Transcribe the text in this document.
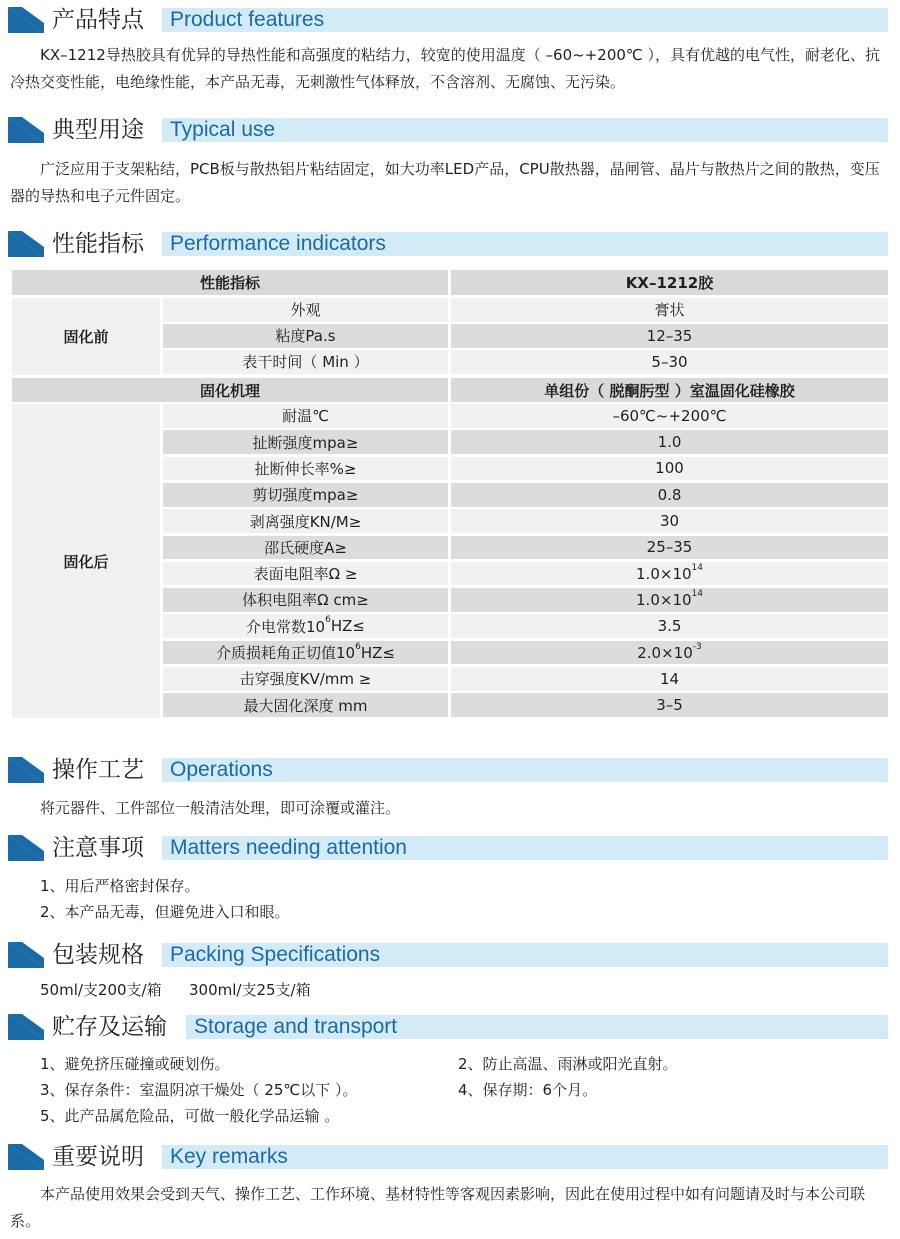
产品特点 Product features
KX–1212导热胶具有优异的导热性能和高强度的粘结力，较宽的使用温度（ –60~+200℃ ），具有优越的电气性，耐老化、抗冷热交变性能，电绝缘性能，本产品无毒，无刺激性气体释放，不含溶剂、无腐蚀、无污染。
典型用途 Typical use
广泛应用于支架粘结，PCB板与散热铝片粘结固定，如大功率LED产品，CPU散热器，晶闸管、晶片与散热片之间的散热，变压器的导热和电子元件固定。
性能指标 Performance indicators
性能指标	KX–1212胶
固化前
外观	膏状
粘度Pa.s	12–35
表干时间（ Min ）	5–30
固化机理	单组份（ 脱酮肟型 ）室温固化硅橡胶
固化后
耐温℃	–60℃~+200℃
扯断强度mpa≥	1.0
扯断伸长率%≥	100
剪切强度mpa≥	0.8
剥离强度KN/M≥	30
邵氏硬度A≥	25–35
表面电阻率Ω ≥	$1.0\times 10^{14}$
体积电阻率Ω cm≥	$1.0\times 10^{14}$
介电常数$10^6$ HZ≤	3.5
介质损耗角正切值$10^6$ HZ≤	$2.0\times 10^{-3}$
击穿强度KV/mm ≥	14
最大固化深度 mm	3–5
操作工艺 Operations
将元器件、工件部位一般清洁处理，即可涂覆或灌注。
注意事项 Matters needing attention
1、用后严格密封保存。
2、本产品无毒，但避免进入口和眼。
包装规格 Packing Specifications
50ml/支200支/箱 300ml/支25支/箱
贮存及运输 Storage and transport
1、避免挤压碰撞或硬划伤。	2、防止高温、雨淋或阳光直射。
3、保存条件：室温阴凉干燥处（ 25℃以下 ）。	4、保存期：6个月。
5、此产品属危险品，可做一般化学品运输 。
重要说明 Key remarks
本产品使用效果会受到天气、操作工艺、工作环境、基材特性等客观因素影响，因此在使用过程中如有问题请及时与本公司联系。
